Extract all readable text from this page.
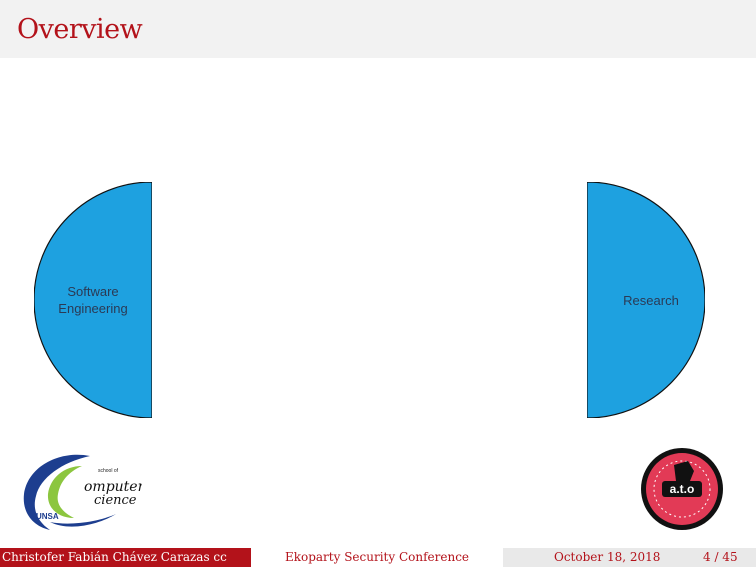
Overview
Software
Engineering
Research
UNSA
school of
omputer
cience
a.t.o
Christofer Fabián Chávez Carazas cc	Ekoparty Security Conference	October 18, 2018	4 / 45
